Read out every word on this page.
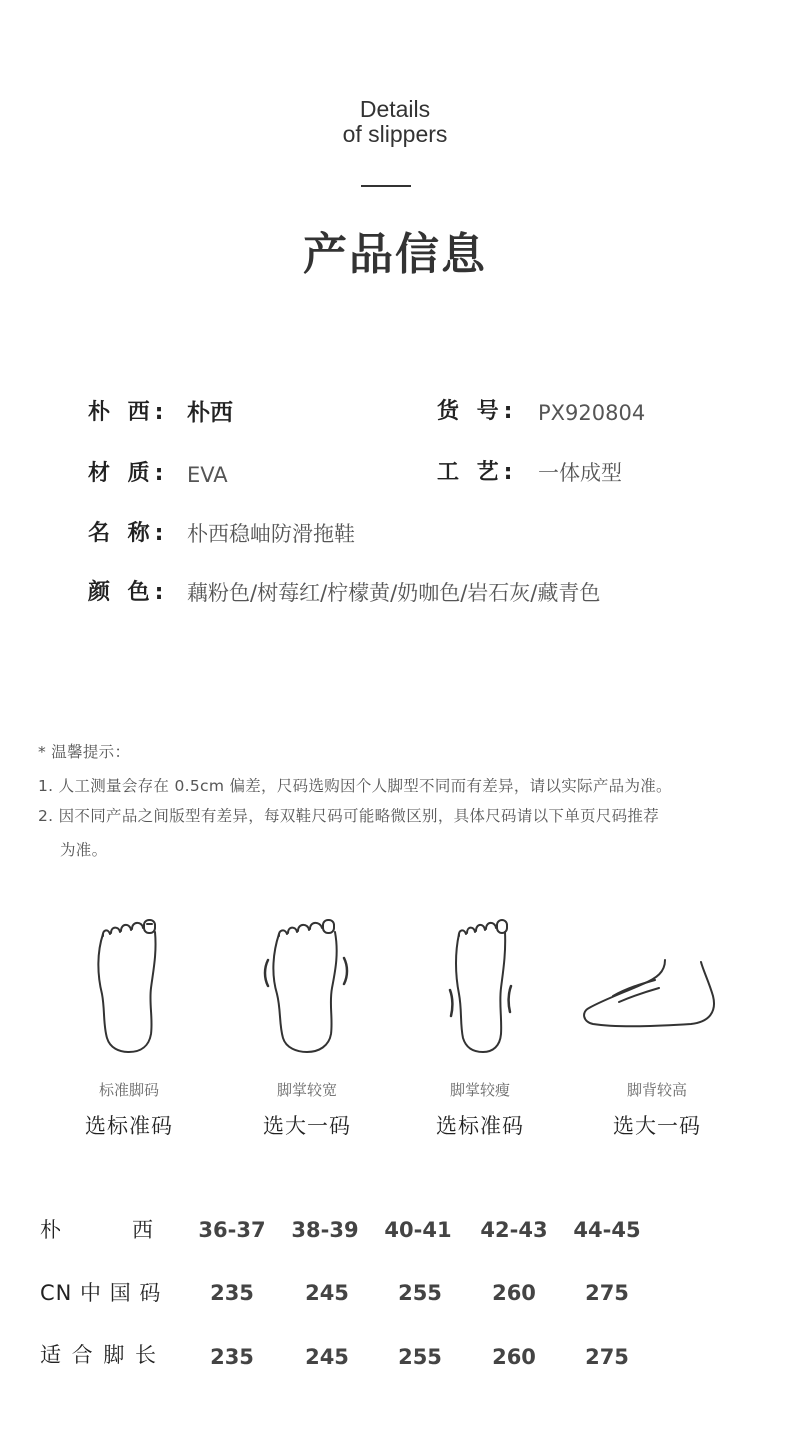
Details
of slippers
产品信息
朴 西: 朴西	货 号: PX920804
材 质: EVA	工 艺: 一体成型
名 称: 朴西稳岫防滑拖鞋
颜 色: 藕粉色/树莓红/柠檬黄/奶咖色/岩石灰/藏青色
* 温馨提示：
1. 人工测量会存在 0.5cm 偏差，尺码选购因个人脚型不同而有差异，请以实际产品为准。
2. 因不同产品之间版型有差异，每双鞋尺码可能略微区别，具体尺码请以下单页尺码推荐
为准。
标准脚码
选标准码
脚掌较宽
选大一码
脚掌较瘦
选标准码
脚背较高
选大一码
朴　　　西	36-37	38-39	40-41	42-43	44-45
CN 中 国 码	235	245	255	260	275
适 合 脚 长	235	245	255	260	275
